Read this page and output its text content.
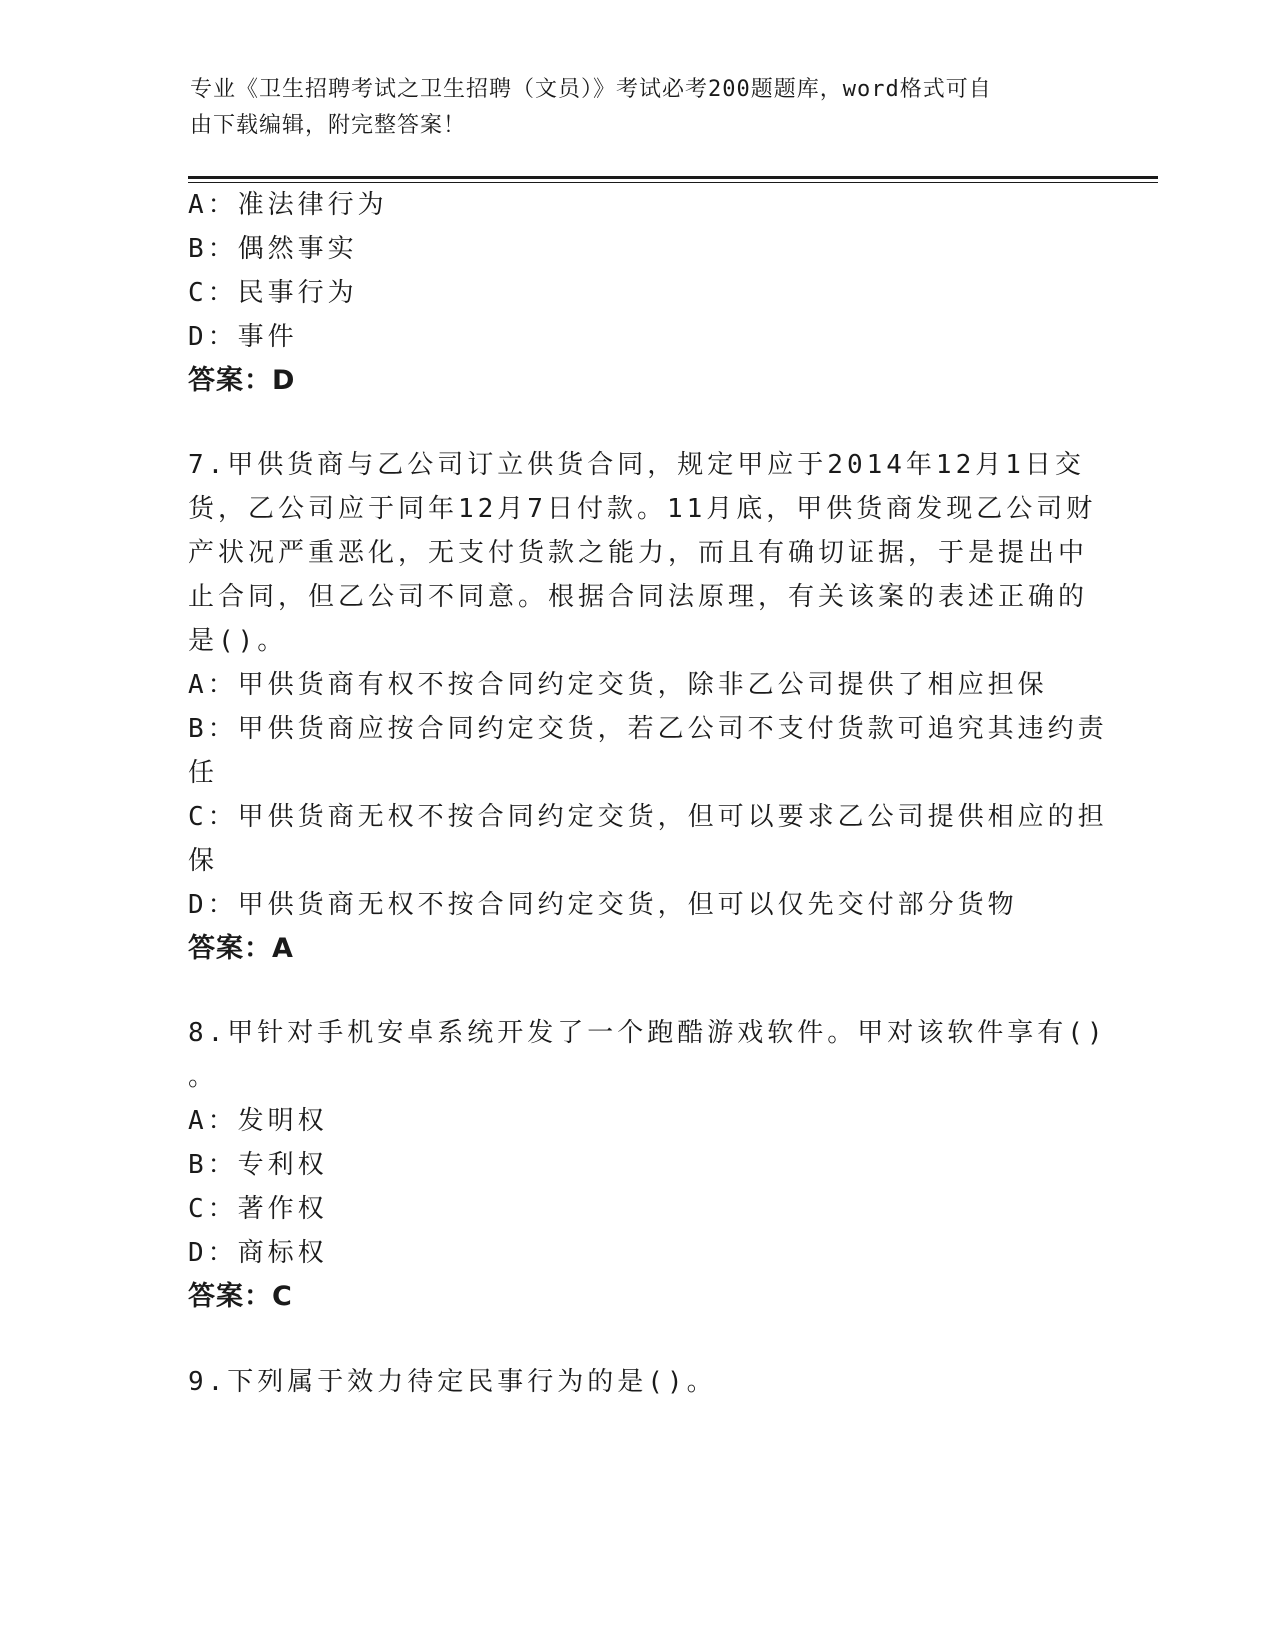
专业《卫生招聘考试之卫生招聘（文员）》考试必考200题题库，word格式可自
由下载编辑，附完整答案！
A：准法律行为
B：偶然事实
C：民事行为
D：事件
答案：D
7.甲供货商与乙公司订立供货合同，规定甲应于2014年12月1日交
货，乙公司应于同年12月7日付款。11月底，甲供货商发现乙公司财
产状况严重恶化，无支付货款之能力，而且有确切证据，于是提出中
止合同，但乙公司不同意。根据合同法原理，有关该案的表述正确的
是()。
A：甲供货商有权不按合同约定交货，除非乙公司提供了相应担保
B：甲供货商应按合同约定交货，若乙公司不支付货款可追究其违约责
任
C：甲供货商无权不按合同约定交货，但可以要求乙公司提供相应的担
保
D：甲供货商无权不按合同约定交货，但可以仅先交付部分货物
答案：A
8.甲针对手机安卓系统开发了一个跑酷游戏软件。甲对该软件享有()
。
A：发明权
B：专利权
C：著作权
D：商标权
答案：C
9.下列属于效力待定民事行为的是()。
